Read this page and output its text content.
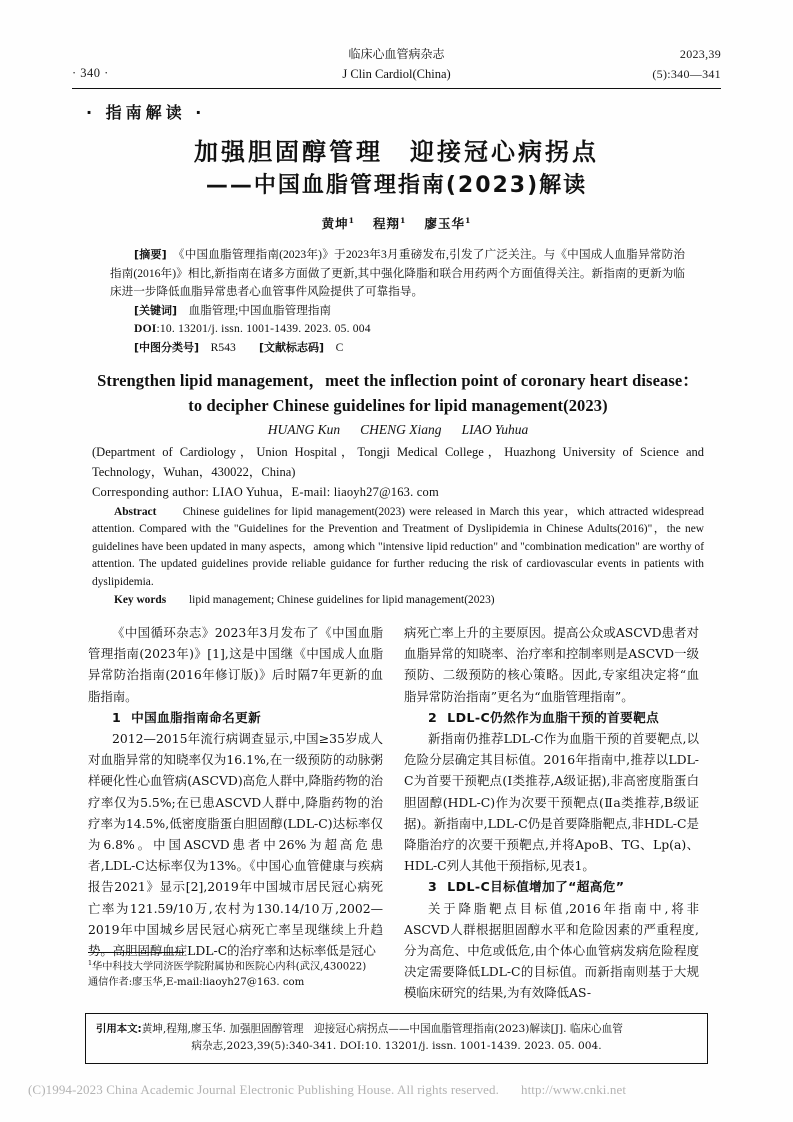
· 340 ·
临床心血管病杂志
J Clin Cardiol(China)
2023,39
(5):340—341
· 指南解读 ·
加强胆固醇管理　迎接冠心病拐点
——中国血脂管理指南(2023)解读
黄坤$^1$ 程翔$^1$ 廖玉华$^1$

[摘要]　 《中国血脂管理指南(2023年)》于2023年3月重磅发布,引发了广泛关注。与《中国成人血脂异常防治指南(2016年)》相比,新指南在诸多方面做了更新,其中强化降脂和联合用药两个方面值得关注。新指南的更新为临床进一步降低血脂异常患者心血管事件风险提供了可靠指导。

[关键词]　 血脂管理;中国血脂管理指南

DOI:10. 13201/j. issn. 1001-1439. 2023. 05. 004

[中图分类号]　 R543　　 [文献标志码]　 C

Strengthen lipid management，meet the inflection point of coronary heart disease：to decipher Chinese guidelines for lipid management(2023)
HUANG Kun CHENG Xiang LIAO Yuhua
(Department of Cardiology，Union Hospital，Tongji Medical College，Huazhong University of Science and Technology，Wuhan，430022，China)
Corresponding author: LIAO Yuhua，E-mail: liaoyh27@163. com
Abstract　　 Chinese guidelines for lipid management(2023) were released in March this year，which attracted widespread attention. Compared with the "Guidelines for the Prevention and Treatment of Dyslipidemia in Chinese Adults(2016)"，the new guidelines have been updated in many aspects，among which "intensive lipid reduction" and "combination medication" are worthy of attention. The updated guidelines provide reliable guidance for further reducing the risk of cardiovascular events in patients with dyslipidemia.
Key words　　 lipid management; Chinese guidelines for lipid management(2023)

《中国循环杂志》2023年3月发布了《中国血脂管理指南(2023年)》[1],这是中国继《中国成人血脂异常防治指南(2016年修订版)》后时隔7年更新的血脂指南。

1 中国血脂指南命名更新

2012—2015年流行病调查显示,中国≥35岁成人对血脂异常的知晓率仅为16.1%,在一级预防的动脉粥样硬化性心血管病(ASCVD)高危人群中,降脂药物的治疗率仅为5.5%;在已患ASCVD人群中,降脂药物的治疗率为14.5%,低密度脂蛋白胆固醇(LDL-C)达标率仅为6.8%。中国ASCVD患者中26%为超高危患者,LDL-C达标率仅为13%。《中国心血管健康与疾病报告2021》显示[2],2019年中国城市居民冠心病死亡率为121.59/10万,农村为130.14/10万,2002—2019年中国城乡居民冠心病死亡率呈现继续上升趋势。高胆固醇血症LDL-C的治疗率和达标率低是冠心

病死亡率上升的主要原因。提高公众或ASCVD患者对血脂异常的知晓率、治疗率和控制率则是ASCVD一级预防、二级预防的核心策略。因此,专家组决定将“血脂异常防治指南”更名为“血脂管理指南”。

2 LDL-C仍然作为血脂干预的首要靶点

新指南仍推荐LDL-C作为血脂干预的首要靶点,以危险分层确定其目标值。2016年指南中,推荐以LDL-C为首要干预靶点(Ⅰ类推荐,A级证据),非高密度脂蛋白胆固醇(HDL-C)作为次要干预靶点(Ⅱa类推荐,B级证据)。新指南中,LDL-C仍是首要降脂靶点,非HDL-C是降脂治疗的次要干预靶点,并将ApoB、TG、Lp(a)、HDL-C列人其他干预指标,见表1。

3 LDL-C目标值增加了“超高危”

关于降脂靶点目标值,2016年指南中,将非ASCVD人群根据胆固醇水平和危险因素的严重程度,分为高危、中危或低危,由个体心血管病发病危险程度决定需要降低LDL-C的目标值。而新指南则基于大规模临床研究的结果,为有效降低AS-

$^1$华中科技大学同济医学院附属协和医院心内科(武汉,430022)

通信作者:廖玉华,E-mail:liaoyh27@163. com

引用本文:黄坤,程翔,廖玉华. 加强胆固醇管理　迎接冠心病拐点——中国血脂管理指南(2023)解读[J]. 临床心血管
病杂志,2023,39(5):340-341. DOI:10. 13201/j. issn. 1001-1439. 2023. 05. 004.
(C)1994-2023 China Academic Journal Electronic Publishing House. All rights reserved. http://www.cnki.net
